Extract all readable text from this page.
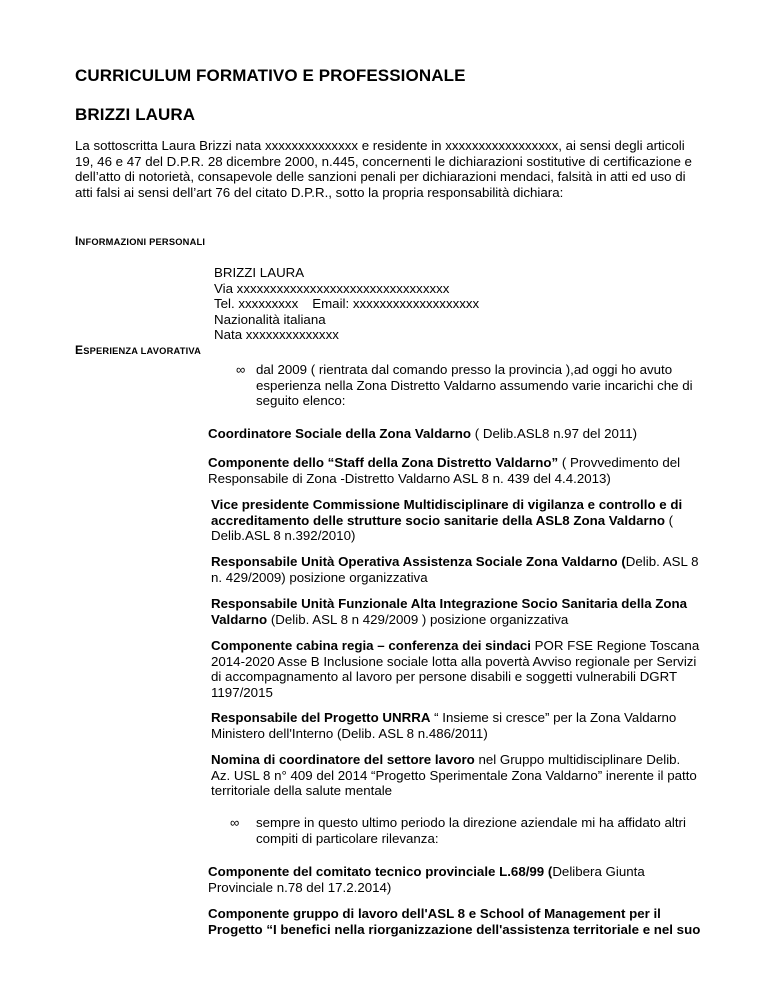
CURRICULUM FORMATIVO E PROFESSIONALE
BRIZZI LAURA
La sottoscritta Laura Brizzi nata xxxxxxxxxxxxxx e residente in xxxxxxxxxxxxxxxxx, ai sensi degli articoli 19, 46 e 47 del D.P.R. 28 dicembre 2000, n.445, concernenti le dichiarazioni sostitutive di certificazione e dell’atto di notorietà, consapevole delle sanzioni penali per dichiarazioni mendaci, falsità in atti ed uso di atti falsi ai sensi dell’art 76 del citato D.P.R., sotto la propria responsabilità dichiara:
INFORMAZIONI PERSONALI
BRIZZI LAURA
Via xxxxxxxxxxxxxxxxxxxxxxxxxxxxxxxx
Tel. xxxxxxxxx Email: xxxxxxxxxxxxxxxxxxx
Nazionalità italiana
Nata xxxxxxxxxxxxxx
ESPERIENZA LAVORATIVA
∞ dal 2009 ( rientrata dal comando presso la provincia ),ad oggi ho avuto esperienza nella Zona Distretto Valdarno assumendo varie incarichi che di seguito elenco:
Coordinatore Sociale della Zona Valdarno ( Delib.ASL8 n.97 del 2011)
Componente dello “Staff della Zona Distretto Valdarno” ( Provvedimento del Responsabile di Zona -Distretto Valdarno ASL 8 n. 439 del 4.4.2013)
Vice presidente Commissione Multidisciplinare di vigilanza e controllo e di accreditamento delle strutture socio sanitarie della ASL8 Zona Valdarno ( Delib.ASL 8 n.392/2010)
Responsabile Unità Operativa Assistenza Sociale Zona Valdarno (Delib. ASL 8 n. 429/2009) posizione organizzativa
Responsabile Unità Funzionale Alta Integrazione Socio Sanitaria della Zona Valdarno (Delib. ASL 8 n 429/2009 ) posizione organizzativa
Componente cabina regia – conferenza dei sindaci POR FSE Regione Toscana 2014-2020 Asse B Inclusione sociale lotta alla povertà Avviso regionale per Servizi di accompagnamento al lavoro per persone disabili e soggetti vulnerabili DGRT 1197/2015
Responsabile del Progetto UNRRA “ Insieme si cresce” per la Zona Valdarno Ministero dell'Interno (Delib. ASL 8 n.486/2011)
Nomina di coordinatore del settore lavoro nel Gruppo multidisciplinare Delib. Az. USL 8 n° 409 del 2014 “Progetto Sperimentale Zona Valdarno” inerente il patto territoriale della salute mentale
∞ sempre in questo ultimo periodo la direzione aziendale mi ha affidato altri compiti di particolare rilevanza:
Componente del comitato tecnico provinciale L.68/99 (Delibera Giunta Provinciale n.78 del 17.2.2014)
Componente gruppo di lavoro dell'ASL 8 e School of Management per il Progetto “I benefici nella riorganizzazione dell'assistenza territoriale e nel suo
